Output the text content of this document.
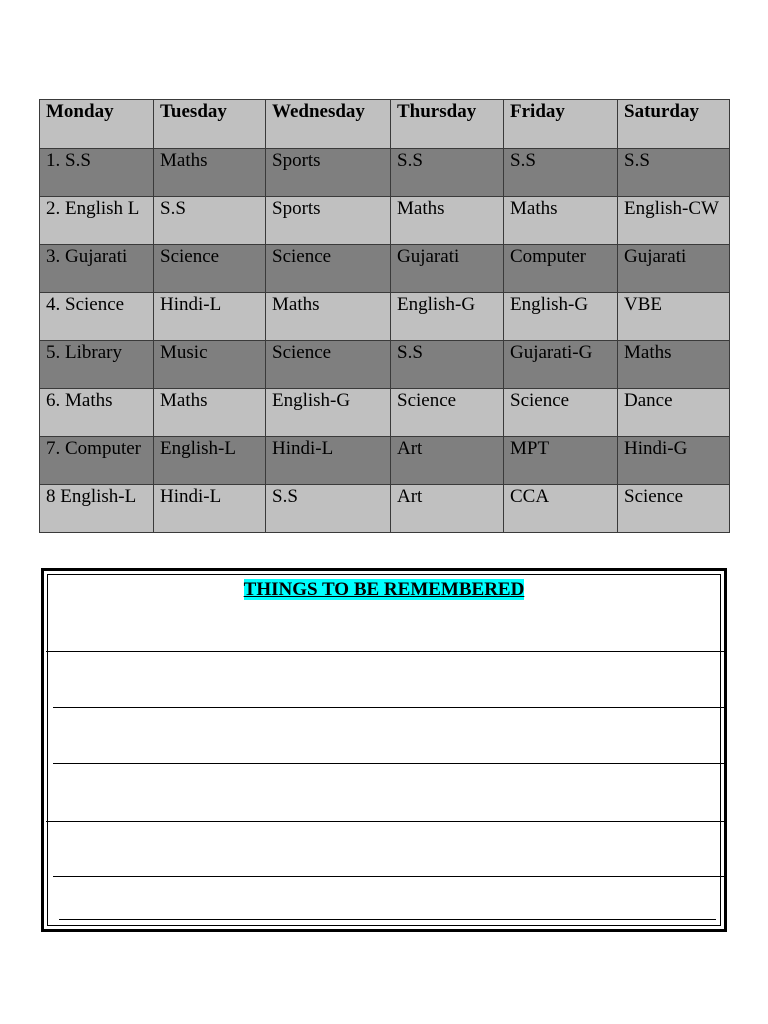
Monday	Tuesday	Wednesday	Thursday	Friday	Saturday
1. S.S	Maths	Sports	S.S	S.S	S.S
2. English L	S.S	Sports	Maths	Maths	English-CW
3. Gujarati	Science	Science	Gujarati	Computer	Gujarati
4. Science	Hindi-L	Maths	English-G	English-G	VBE
5. Library	Music	Science	S.S	Gujarati-G	Maths
6. Maths	Maths	English-G	Science	Science	Dance
7. Computer	English-L	Hindi-L	Art	MPT	Hindi-G
8 English-L	Hindi-L	S.S	Art	CCA	Science
THINGS TO BE REMEMBERED
